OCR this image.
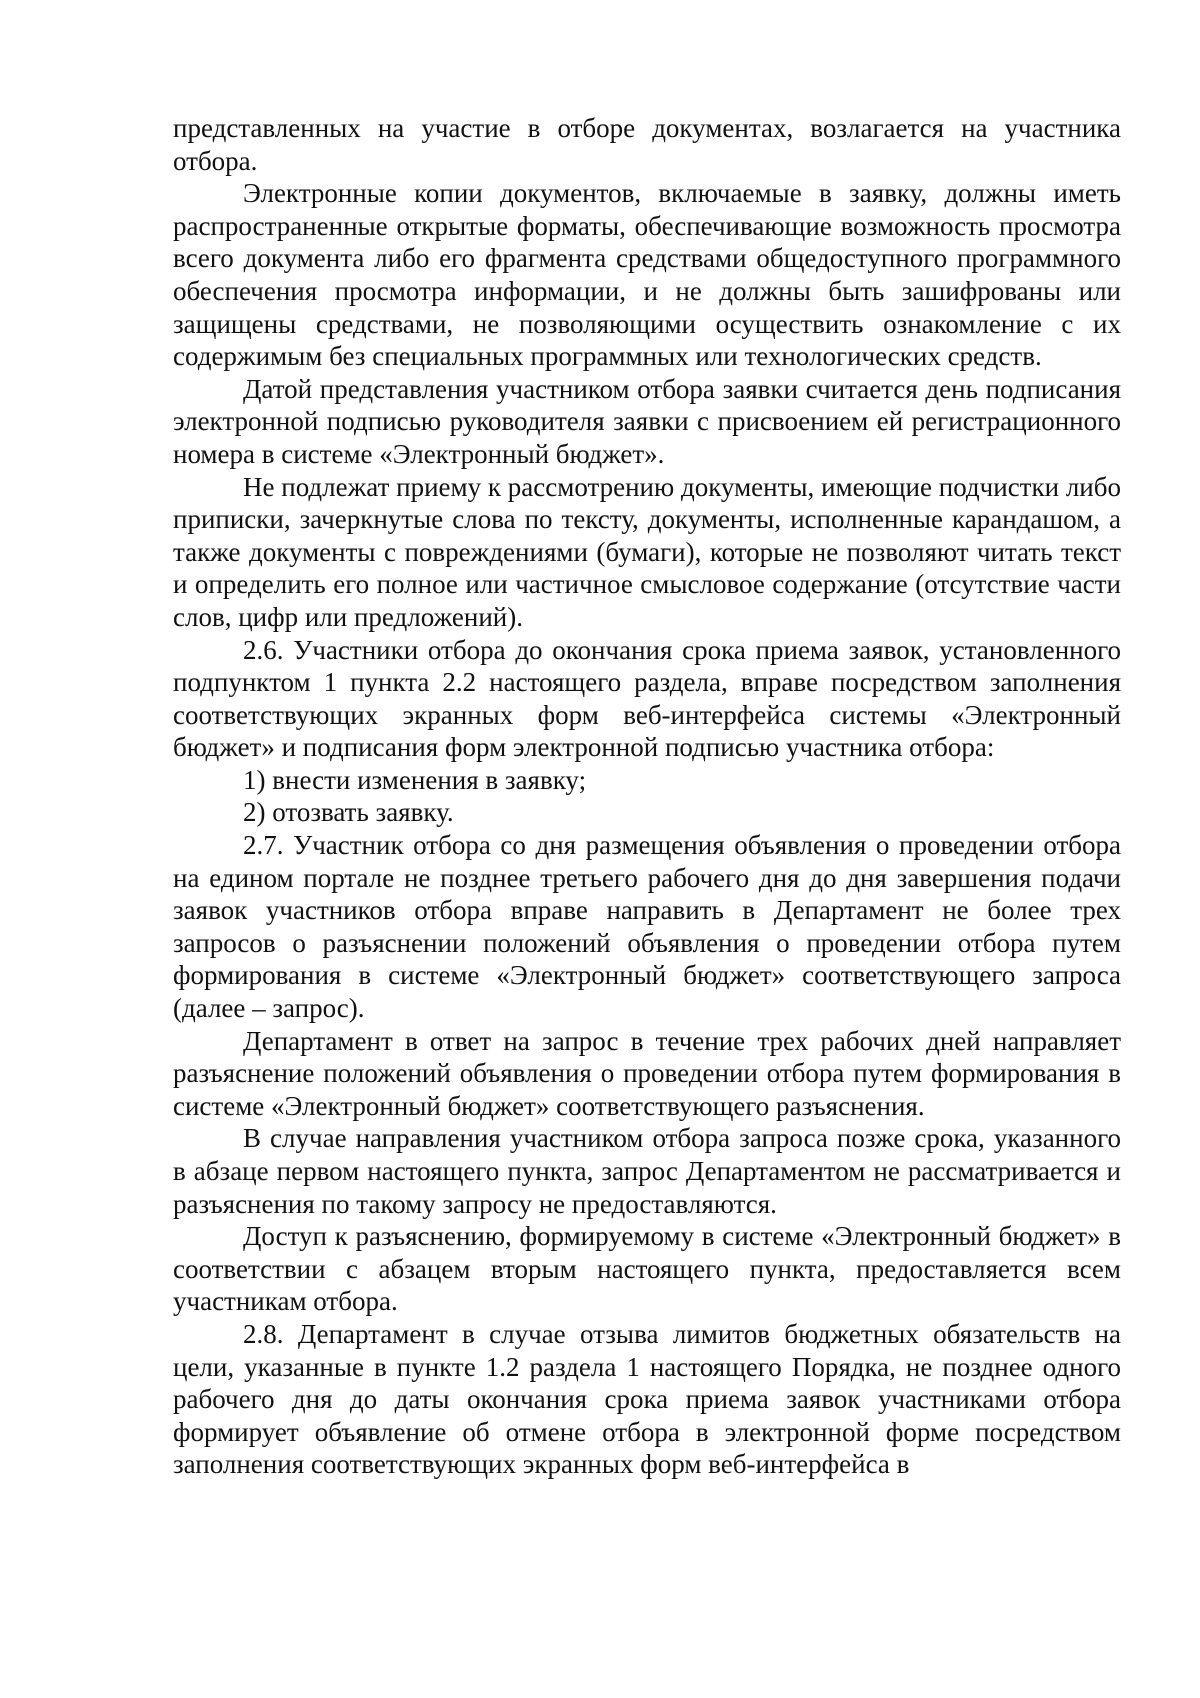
представленных на участие в отборе документах, возлагается на участника отбора.

Электронные копии документов, включаемые в заявку, должны иметь распространенные открытые форматы, обеспечивающие возможность просмотра всего документа либо его фрагмента средствами общедоступного программного обеспечения просмотра информации, и не должны быть зашифрованы или защищены средствами, не позволяющими осуществить ознакомление с их содержимым без специальных программных или технологических средств.

Датой представления участником отбора заявки считается день подписания электронной подписью руководителя заявки с присвоением ей регистрационного номера в системе «Электронный бюджет».

Не подлежат приему к рассмотрению документы, имеющие подчистки либо приписки, зачеркнутые слова по тексту, документы, исполненные карандашом, а также документы с повреждениями (бумаги), которые не позволяют читать текст и определить его полное или частичное смысловое содержание (отсутствие части слов, цифр или предложений).

2.6. Участники отбора до окончания срока приема заявок, установленного подпунктом 1 пункта 2.2 настоящего раздела, вправе посредством заполнения соответствующих экранных форм веб-интерфейса системы «Электронный бюджет» и подписания форм электронной подписью участника отбора:

1) внести изменения в заявку;

2) отозвать заявку.

2.7. Участник отбора со дня размещения объявления о проведении отбора на едином портале не позднее третьего рабочего дня до дня завершения подачи заявок участников отбора вправе направить в Департамент не более трех запросов о разъяснении положений объявления о проведении отбора путем формирования в системе «Электронный бюджет» соответствующего запроса (далее – запрос).

Департамент в ответ на запрос в течение трех рабочих дней направляет разъяснение положений объявления о проведении отбора путем формирования в системе «Электронный бюджет» соответствующего разъяснения.

В случае направления участником отбора запроса позже срока, указанного в абзаце первом настоящего пункта, запрос Департаментом не рассматривается и разъяснения по такому запросу не предоставляются.

Доступ к разъяснению, формируемому в системе «Электронный бюджет» в соответствии с абзацем вторым настоящего пункта, предоставляется всем участникам отбора.

2.8. Департамент в случае отзыва лимитов бюджетных обязательств на цели, указанные в пункте 1.2 раздела 1 настоящего Порядка, не позднее одного рабочего дня до даты окончания срока приема заявок участниками отбора формирует объявление об отмене отбора в электронной форме посредством заполнения соответствующих экранных форм веб-интерфейса в
